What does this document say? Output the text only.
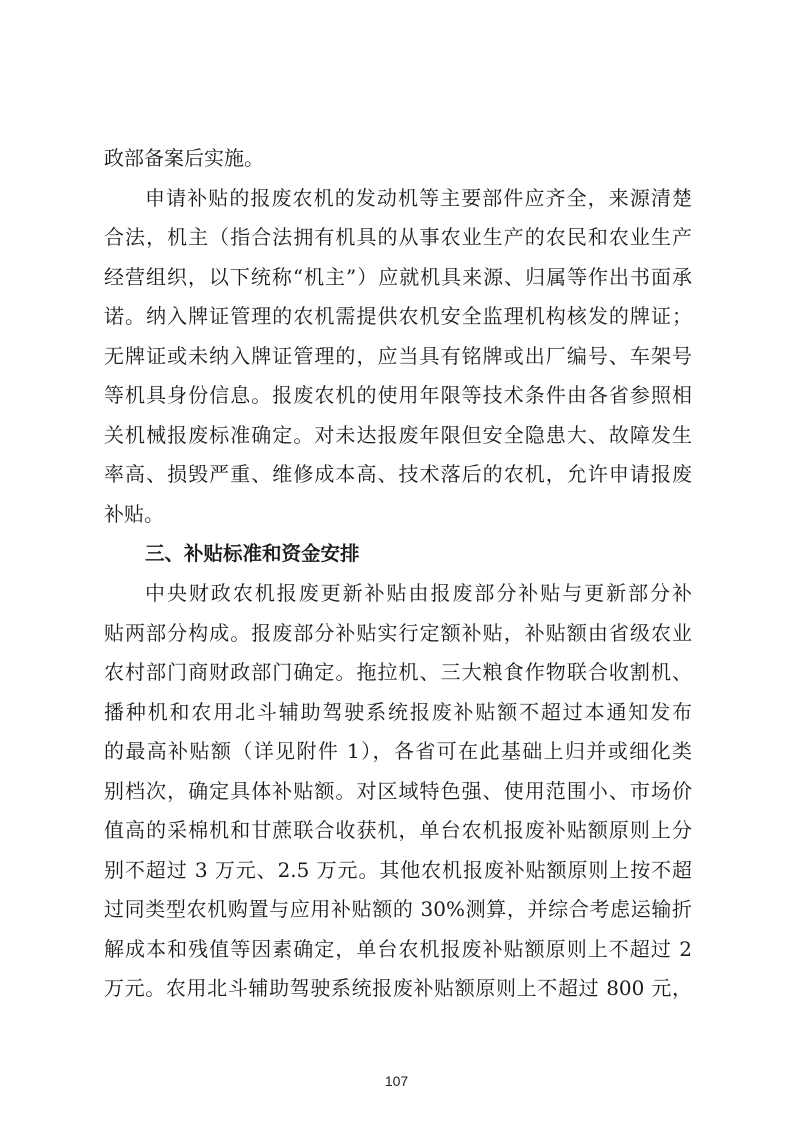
政部备案后实施。
申请补贴的报废农机的发动机等主要部件应齐全，来源清楚
合法，机主（指合法拥有机具的从事农业生产的农民和农业生产
经营组织，以下统称“机主”）应就机具来源、归属等作出书面承
诺。纳入牌证管理的农机需提供农机安全监理机构核发的牌证；
无牌证或未纳入牌证管理的，应当具有铭牌或出厂编号、车架号
等机具身份信息。报废农机的使用年限等技术条件由各省参照相
关机械报废标准确定。对未达报废年限但安全隐患大、故障发生
率高、损毁严重、维修成本高、技术落后的农机，允许申请报废
补贴。
三、补贴标准和资金安排
中央财政农机报废更新补贴由报废部分补贴与更新部分补
贴两部分构成。报废部分补贴实行定额补贴，补贴额由省级农业
农村部门商财政部门确定。拖拉机、三大粮食作物联合收割机、
播种机和农用北斗辅助驾驶系统报废补贴额不超过本通知发布
的最高补贴额（详见附件 1），各省可在此基础上归并或细化类
别档次，确定具体补贴额。对区域特色强、使用范围小、市场价
值高的采棉机和甘蔗联合收获机，单台农机报废补贴额原则上分
别不超过 3 万元、2.5 万元。其他农机报废补贴额原则上按不超
过同类型农机购置与应用补贴额的 30%测算，并综合考虑运输折
解成本和残值等因素确定，单台农机报废补贴额原则上不超过 2
万元。农用北斗辅助驾驶系统报废补贴额原则上不超过 800 元，
107
